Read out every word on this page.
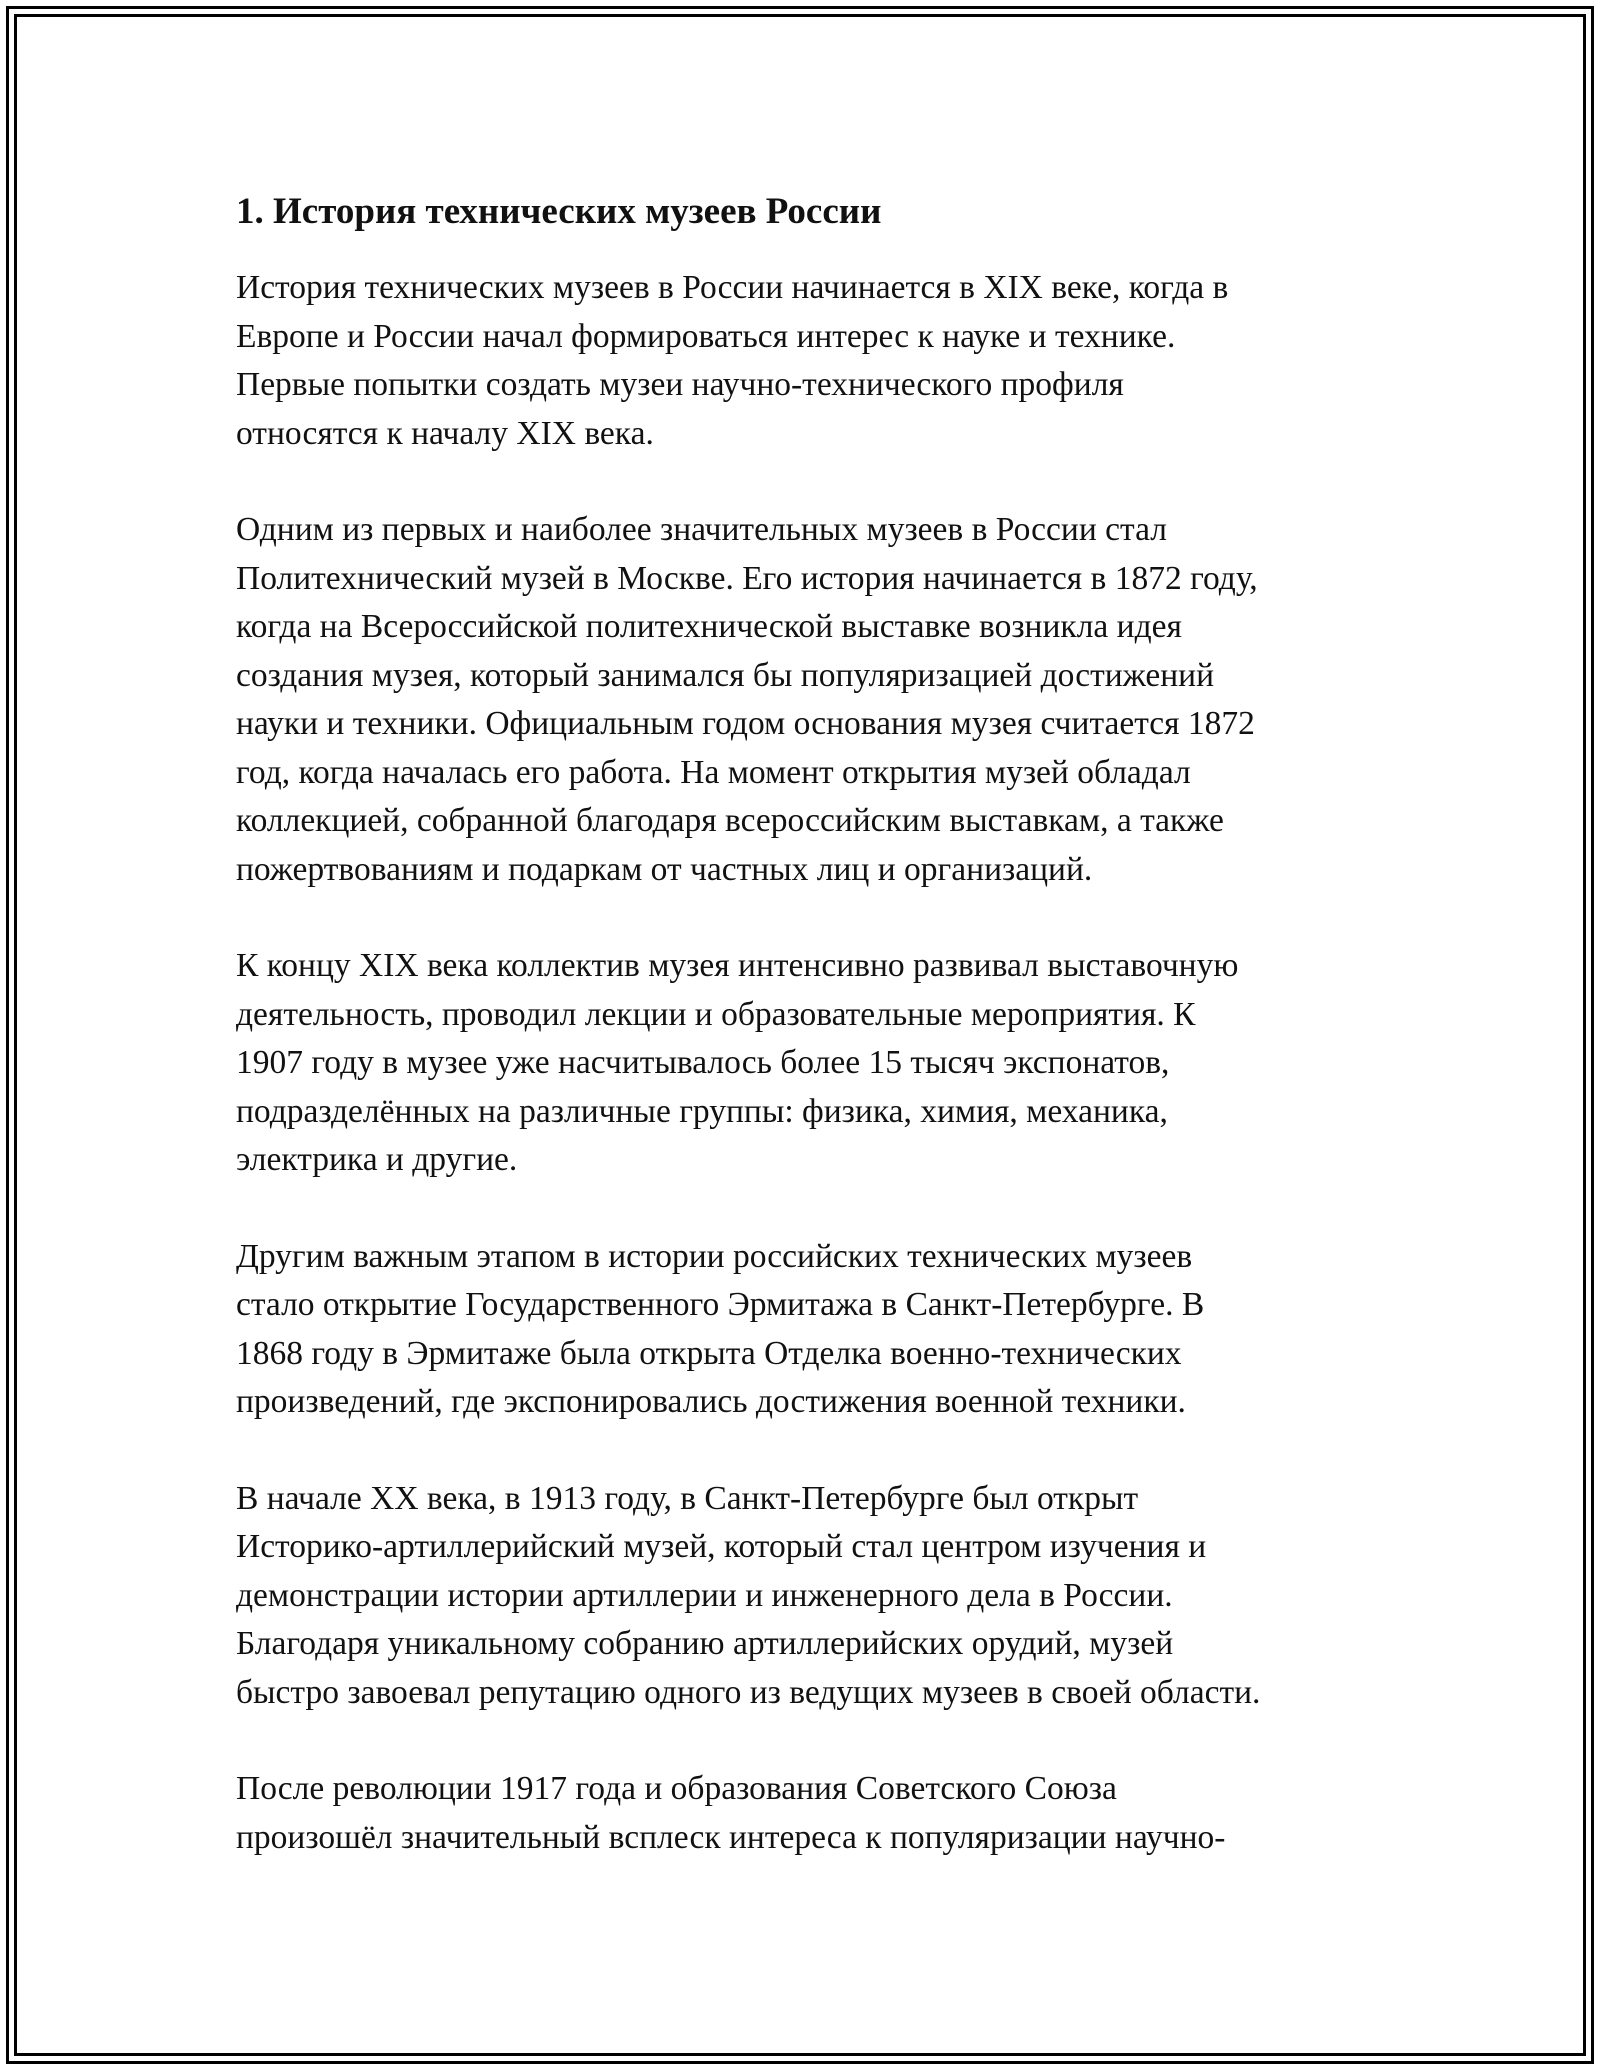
1. История технических музеев России

История технических музеев в России начинается в XIX веке, когда в
Европе и России начал формироваться интерес к науке и технике.
Первые попытки создать музеи научно-технического профиля
относятся к началу XIX века.

Одним из первых и наиболее значительных музеев в России стал
Политехнический музей в Москве. Его история начинается в 1872 году,
когда на Всероссийской политехнической выставке возникла идея
создания музея, который занимался бы популяризацией достижений
науки и техники. Официальным годом основания музея считается 1872
год, когда началась его работа. На момент открытия музей обладал
коллекцией, собранной благодаря всероссийским выставкам, а также
пожертвованиям и подаркам от частных лиц и организаций.

К концу XIX века коллектив музея интенсивно развивал выставочную
деятельность, проводил лекции и образовательные мероприятия. К
1907 году в музее уже насчитывалось более 15 тысяч экспонатов,
подразделённых на различные группы: физика, химия, механика,
электрика и другие.

Другим важным этапом в истории российских технических музеев
стало открытие Государственного Эрмитажа в Санкт-Петербурге. В
1868 году в Эрмитаже была открыта Отделка военно-технических
произведений, где экспонировались достижения военной техники.

В начале XX века, в 1913 году, в Санкт-Петербурге был открыт
Историко-артиллерийский музей, который стал центром изучения и
демонстрации истории артиллерии и инженерного дела в России.
Благодаря уникальному собранию артиллерийских орудий, музей
быстро завоевал репутацию одного из ведущих музеев в своей области.

После революции 1917 года и образования Советского Союза
произошёл значительный всплеск интереса к популяризации научно-
